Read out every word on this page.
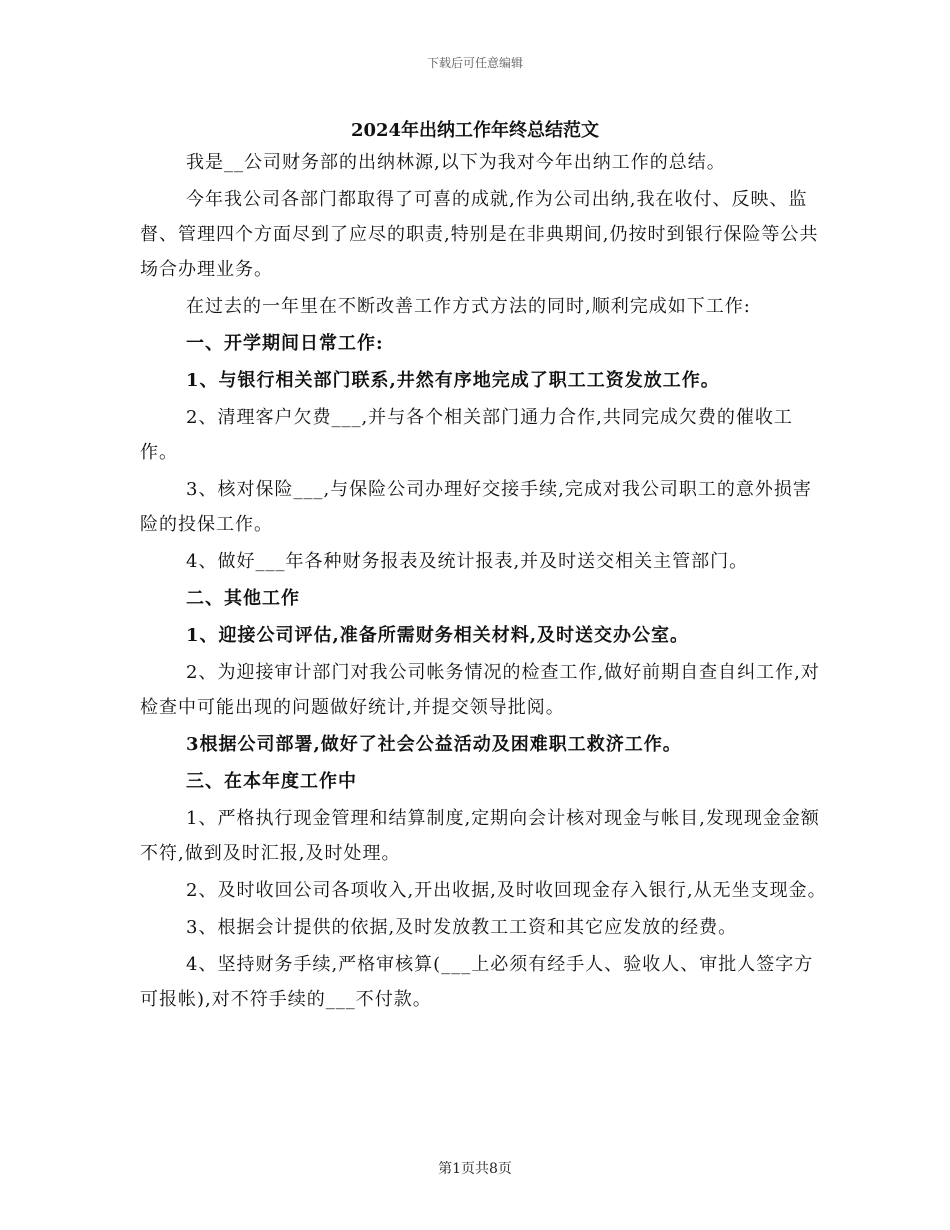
下载后可任意编辑
2024年出纳工作年终总结范文

我是__公司财务部的出纳林源,以下为我对今年出纳工作的总结。

今年我公司各部门都取得了可喜的成就,作为公司出纳,我在收付、反映、监督、管理四个方面尽到了应尽的职责,特别是在非典期间,仍按时到银行保险等公共场合办理业务。

在过去的一年里在不断改善工作方式方法的同时,顺利完成如下工作:

一、开学期间日常工作:

1、与银行相关部门联系,井然有序地完成了职工工资发放工作。

2、清理客户欠费___,并与各个相关部门通力合作,共同完成欠费的催收工作。

3、核对保险___,与保险公司办理好交接手续,完成对我公司职工的意外损害险的投保工作。

4、做好___年各种财务报表及统计报表,并及时送交相关主管部门。

二、其他工作

1、迎接公司评估,准备所需财务相关材料,及时送交办公室。

2、为迎接审计部门对我公司帐务情况的检查工作,做好前期自查自纠工作,对检查中可能出现的问题做好统计,并提交领导批阅。

3根据公司部署,做好了社会公益活动及困难职工救济工作。

三、在本年度工作中

1、严格执行现金管理和结算制度,定期向会计核对现金与帐目,发现现金金额不符,做到及时汇报,及时处理。

2、及时收回公司各项收入,开出收据,及时收回现金存入银行,从无坐支现金。

3、根据会计提供的依据,及时发放教工工资和其它应发放的经费。

4、坚持财务手续,严格审核算(___上必须有经手人、验收人、审批人签字方可报帐),对不符手续的___不付款。

第1页共8页
